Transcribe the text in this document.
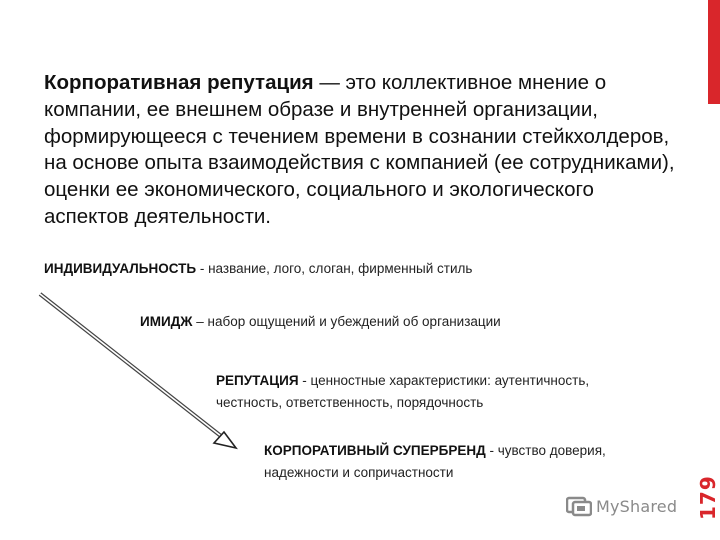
Корпоративная репутация — это коллективное мнение о компании, ее внешнем образе и внутренней организации, формирующееся с течением времени в сознании стейкхолдеров, на основе опыта взаимодействия с компанией (ее сотрудниками), оценки ее экономического, социального и экологического аспектов деятельности.
ИНДИВИДУАЛЬНОСТЬ - название, лого, слоган, фирменный стиль
ИМИДЖ – набор ощущений и убеждений об организации
РЕПУТАЦИЯ - ценностные характеристики: аутентичность, честность, ответственность, порядочность
КОРПОРАТИВНЫЙ СУПЕРБРЕНД - чувство доверия, надежности и сопричастности
MyShared 179
